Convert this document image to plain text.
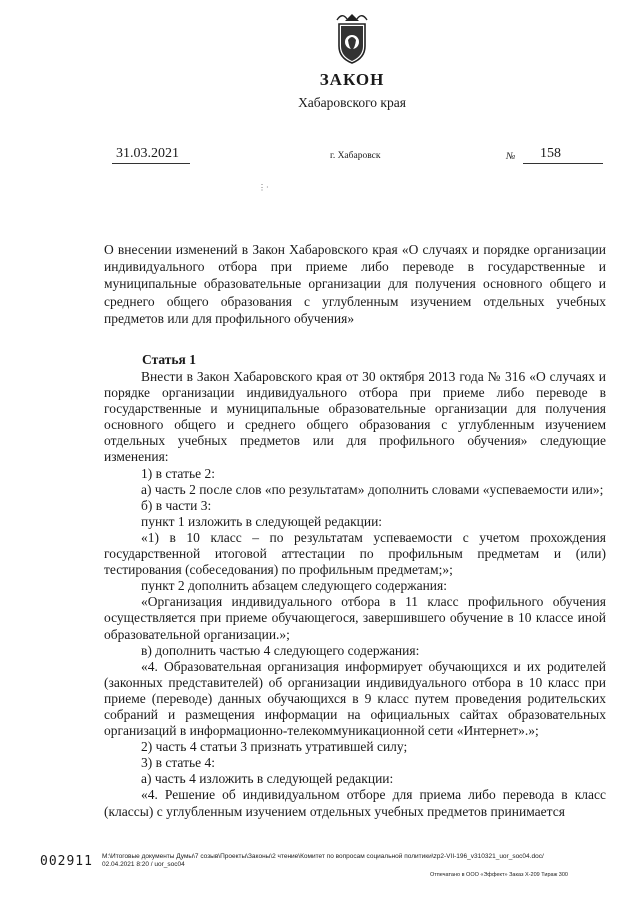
ЗАКОН
Хабаровского края
31.03.2021	г. Хабаровск	№ 158
⋮·
О внесении изменений в Закон Хабаровского края «О случаях и порядке организации индивидуального отбора при приеме либо переводе в государственные и муниципальные образовательные организации для получения основного общего и среднего общего образования с углубленным изучением отдельных учебных предметов или для профильного обучения»
Статья 1

Внести в Закон Хабаровского края от 30 октября 2013 года № 316 «О случаях и порядке организации индивидуального отбора при приеме либо переводе в государственные и муниципальные образовательные организации для получения основного общего и среднего общего образования с углубленным изучением отдельных учебных предметов или для профильного обучения» следующие изменения:

1) в статье 2:

а) часть 2 после слов «по результатам» дополнить словами «успеваемости или»;

б) в части 3:

пункт 1 изложить в следующей редакции:

«1) в 10 класс – по результатам успеваемости с учетом прохождения государственной итоговой аттестации по профильным предметам и (или) тестирования (собеседования) по профильным предметам;»;

пункт 2 дополнить абзацем следующего содержания:

«Организация индивидуального отбора в 11 класс профильного обучения осуществляется при приеме обучающегося, завершившего обучение в 10 классе иной образовательной организации.»;

в) дополнить частью 4 следующего содержания:

«4. Образовательная организация информирует обучающихся и их родителей (законных представителей) об организации индивидуального отбора в 10 класс при приеме (переводе) данных обучающихся в 9 класс путем проведения родительских собраний и размещения информации на официальных сайтах образовательных организаций в информационно-телекоммуникационной сети «Интернет».»;

2) часть 4 статьи 3 признать утратившей силу;

3) в статье 4:

а) часть 4 изложить в следующей редакции:

«4. Решение об индивидуальном отборе для приема либо перевода в класс (классы) с углубленным изучением отдельных учебных предметов принимается

002911 M:\Итоговые документы Думы\7 созыв\Проекты\Законы\2 чтение\Комитет по вопросам социальной политики\zp2-VII-196_v310321_uor_soc04.doc/
02.04.2021 8:20 / uor_soc04
Отпечатано в ООО «Эффект» Заказ X-209 Тираж 300
